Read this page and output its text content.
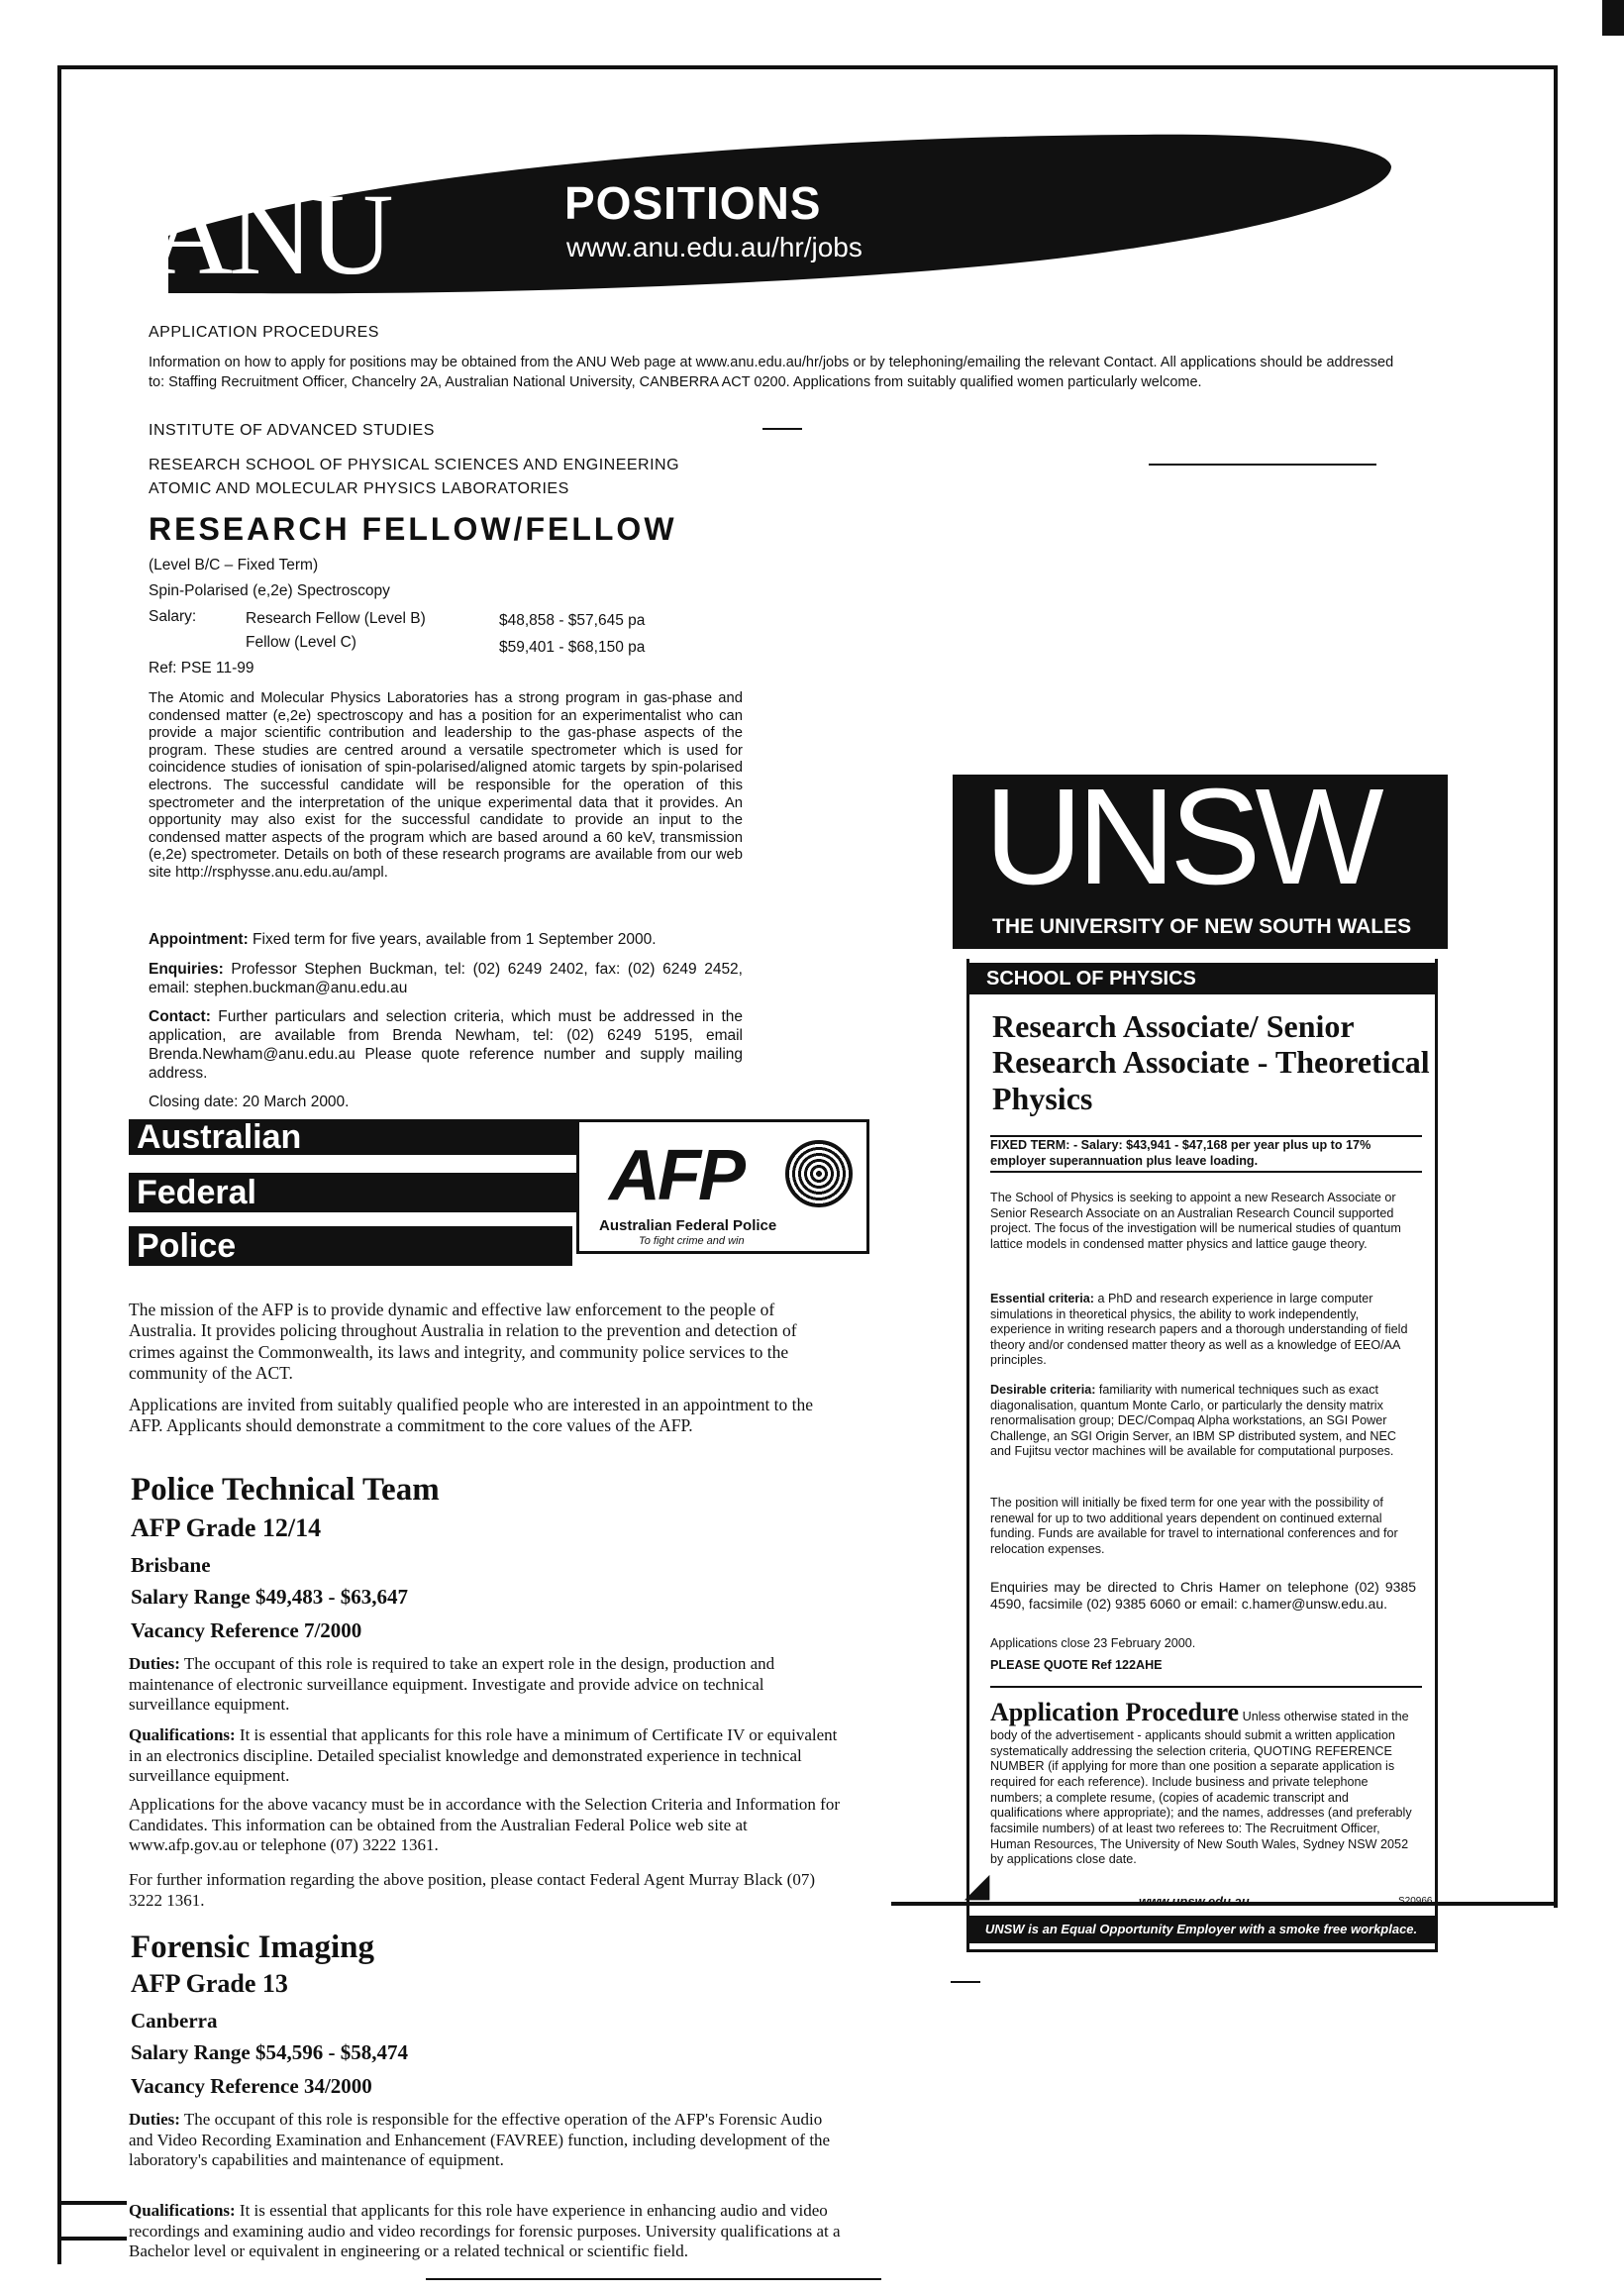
ANU	POSITIONS
www.anu.edu.au/hr/jobs
APPLICATION PROCEDURES
Information on how to apply for positions may be obtained from the ANU Web page at www.anu.edu.au/hr/jobs or by telephoning/emailing the relevant Contact. All applications should be addressed
to: Staffing Recruitment Officer, Chancelry 2A, Australian National University, CANBERRA ACT 0200. Applications from suitably qualified women particularly welcome.
INSTITUTE OF ADVANCED STUDIES
RESEARCH SCHOOL OF PHYSICAL SCIENCES AND ENGINEERING
ATOMIC AND MOLECULAR PHYSICS LABORATORIES
RESEARCH FELLOW/FELLOW
(Level B/C – Fixed Term)
Spin-Polarised (e,2e) Spectroscopy
Salary:	Research Fellow (Level B)	$48,858 - $57,645 pa
Fellow (Level C)	$59,401 - $68,150 pa
Ref: PSE 11-99
The Atomic and Molecular Physics Laboratories has a strong program in gas-phase and condensed matter (e,2e) spectroscopy and has a position for an experimentalist who can provide a major scientific contribution and leadership to the gas-phase aspects of the program. These studies are centred around a versatile spectrometer which is used for coincidence studies of ionisation of spin-polarised/aligned atomic targets by spin-polarised electrons. The successful candidate will be responsible for the operation of this spectrometer and the interpretation of the unique experimental data that it provides. An opportunity may also exist for the successful candidate to provide an input to the condensed matter aspects of the program which are based around a 60 keV, transmission (e,2e) spectrometer. Details on both of these research programs are available from our web site http://rsphysse.anu.edu.au/ampl.
Appointment: Fixed term for five years, available from 1 September 2000.
Enquiries: Professor Stephen Buckman, tel: (02) 6249 2402, fax: (02) 6249 2452, email: stephen.buckman@anu.edu.au
Contact: Further particulars and selection criteria, which must be addressed in the application, are available from Brenda Newham, tel: (02) 6249 5195, email Brenda.Newham@anu.edu.au Please quote reference number and supply mailing address.
Closing date: 20 March 2000.
Australian
Federal
Police
AFP
Australian Federal Police
To fight crime and win
The mission of the AFP is to provide dynamic and effective law enforcement to the people of Australia. It provides policing throughout Australia in relation to the prevention and detection of crimes against the Commonwealth, its laws and integrity, and community police services to the community of the ACT.
Applications are invited from suitably qualified people who are interested in an appointment to the AFP. Applicants should demonstrate a commitment to the core values of the AFP.
Police Technical Team
AFP Grade 12/14
Brisbane
Salary Range $49,483 - $63,647
Vacancy Reference 7/2000
Duties: The occupant of this role is required to take an expert role in the design, production and maintenance of electronic surveillance equipment. Investigate and provide advice on technical surveillance equipment.
Qualifications: It is essential that applicants for this role have a minimum of Certificate IV or equivalent in an electronics discipline. Detailed specialist knowledge and demonstrated experience in technical surveillance equipment.
Applications for the above vacancy must be in accordance with the Selection Criteria and Information for Candidates. This information can be obtained from the Australian Federal Police web site at www.afp.gov.au or telephone (07) 3222 1361.
For further information regarding the above position, please contact Federal Agent Murray Black (07) 3222 1361.
Forensic Imaging
AFP Grade 13
Canberra
Salary Range $54,596 - $58,474
Vacancy Reference 34/2000
Duties: The occupant of this role is responsible for the effective operation of the AFP's Forensic Audio and Video Recording Examination and Enhancement (FAVREE) function, including development of the laboratory's capabilities and maintenance of equipment.
Qualifications: It is essential that applicants for this role have experience in enhancing audio and video recordings and examining audio and video recordings for forensic purposes. University qualifications at a Bachelor level or equivalent in engineering or a related technical or scientific field.
UNSW
THE UNIVERSITY OF NEW SOUTH WALES
SCHOOL OF PHYSICS
Research Associate/ Senior Research Associate - Theoretical Physics
FIXED TERM: - Salary: $43,941 - $47,168 per year plus up to 17% employer superannuation plus leave loading.
The School of Physics is seeking to appoint a new Research Associate or Senior Research Associate on an Australian Research Council supported project. The focus of the investigation will be numerical studies of quantum lattice models in condensed matter physics and lattice gauge theory.
Essential criteria: a PhD and research experience in large computer simulations in theoretical physics, the ability to work independently, experience in writing research papers and a thorough understanding of field theory and/or condensed matter theory as well as a knowledge of EEO/AA principles.
Desirable criteria: familiarity with numerical techniques such as exact diagonalisation, quantum Monte Carlo, or particularly the density matrix renormalisation group; DEC/Compaq Alpha workstations, an SGI Power Challenge, an SGI Origin Server, an IBM SP distributed system, and NEC and Fujitsu vector machines will be available for computational purposes.
The position will initially be fixed term for one year with the possibility of renewal for up to two additional years dependent on continued external funding. Funds are available for travel to international conferences and for relocation expenses.
Enquiries may be directed to Chris Hamer on telephone (02) 9385 4590, facsimile (02) 9385 6060 or email: c.hamer@unsw.edu.au.
Applications close 23 February 2000.
PLEASE QUOTE Ref 122AHE
Application Procedure Unless otherwise stated in the body of the advertisement - applicants should submit a written application systematically addressing the selection criteria, QUOTING REFERENCE NUMBER (if applying for more than one position a separate application is required for each reference). Include business and private telephone numbers; a complete resume, (copies of academic transcript and qualifications where appropriate); and the names, addresses (and preferably facsimile numbers) of at least two referees to: The Recruitment Officer, Human Resources, The University of New South Wales, Sydney NSW 2052 by applications close date.
www.unsw.edu.au	S20966
UNSW is an Equal Opportunity Employer with a smoke free workplace.
